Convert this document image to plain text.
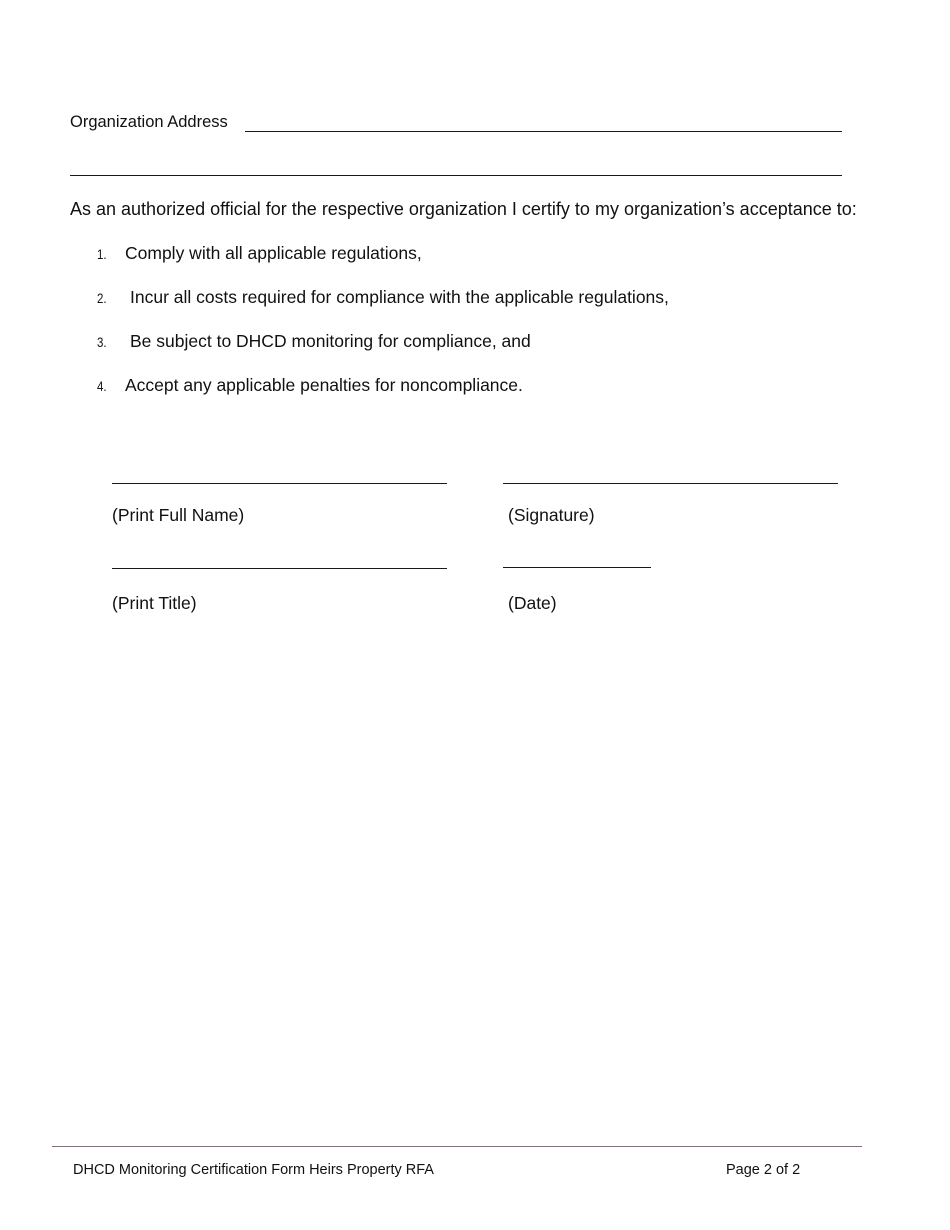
Organization Address
As an authorized official for the respective organization I certify to my organization’s acceptance to:
1. Comply with all applicable regulations,
2. Incur all costs required for compliance with the applicable regulations,
3. Be subject to DHCD monitoring for compliance, and
4. Accept any applicable penalties for noncompliance.
(Print Full Name)	(Signature)
(Print Title)	(Date)
DHCD Monitoring Certification Form Heirs Property RFA	Page 2 of 2
